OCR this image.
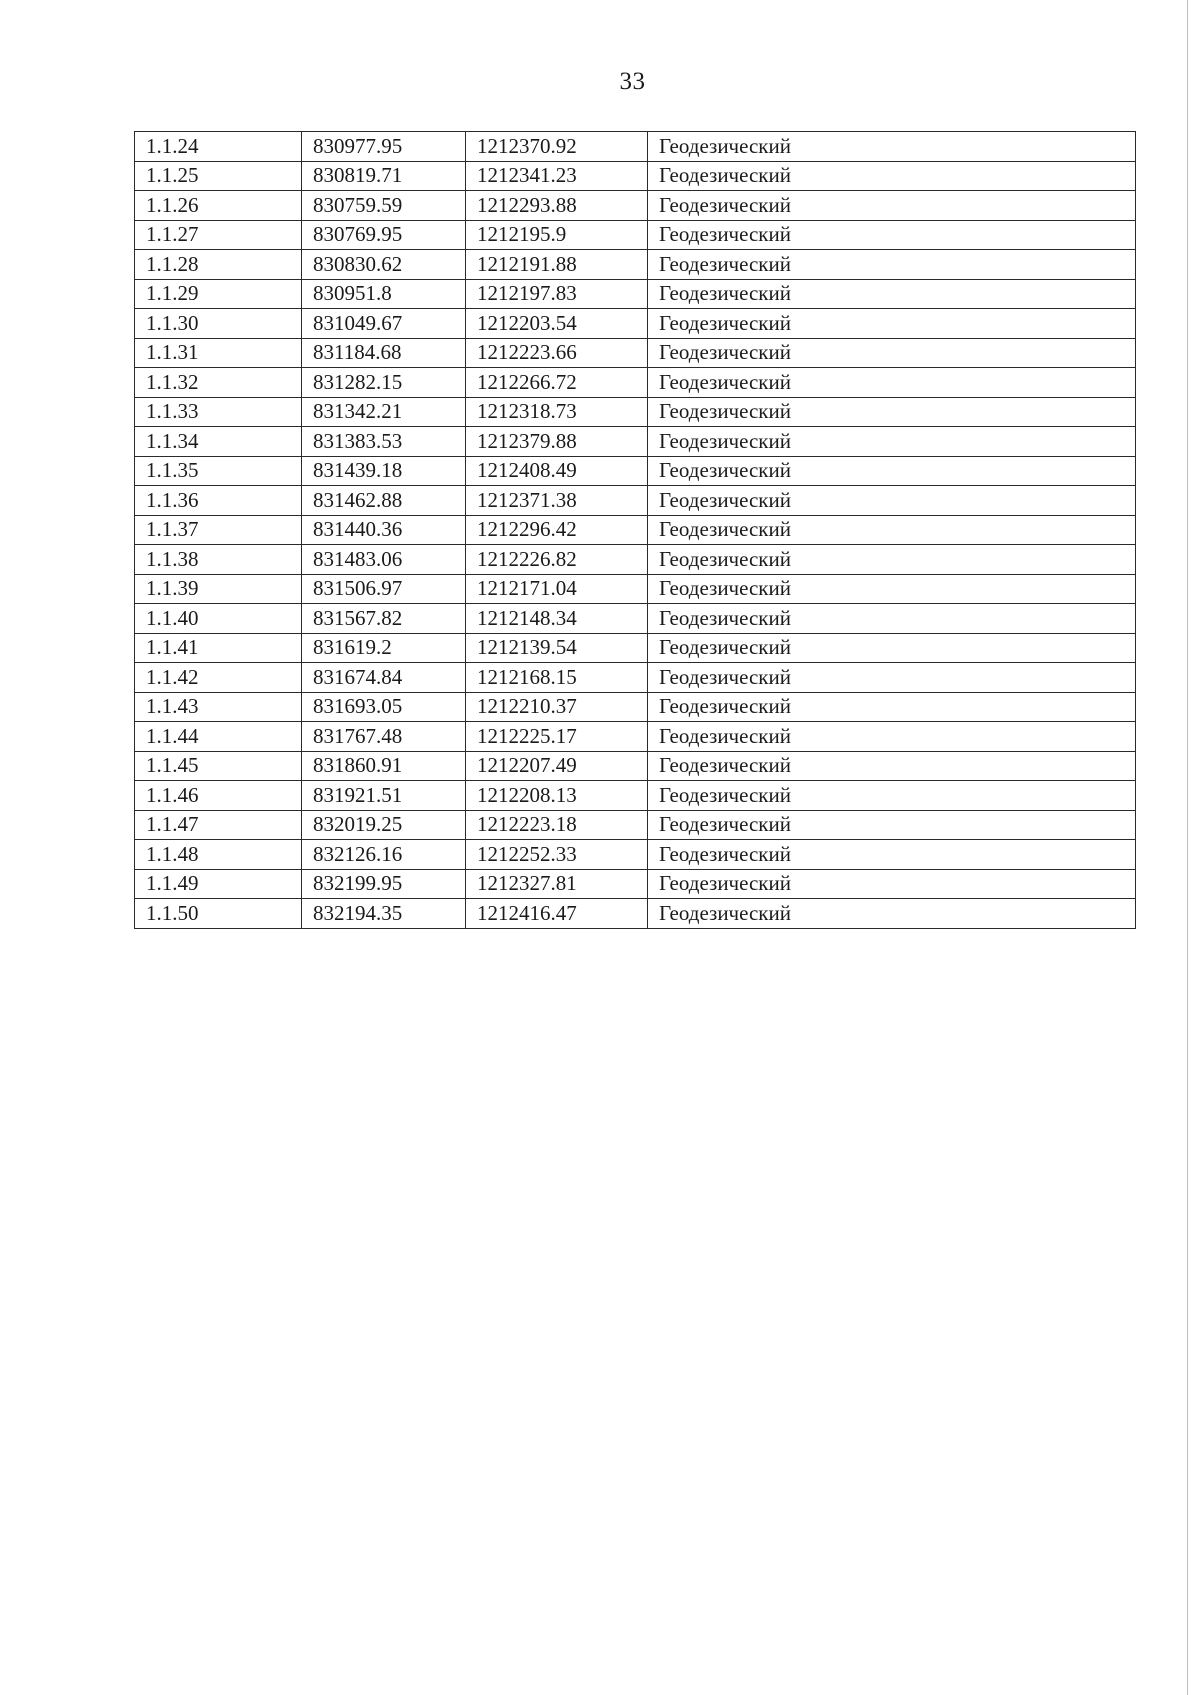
33
1.1.24	830977.95	1212370.92	Геодезический
1.1.25	830819.71	1212341.23	Геодезический
1.1.26	830759.59	1212293.88	Геодезический
1.1.27	830769.95	1212195.9	Геодезический
1.1.28	830830.62	1212191.88	Геодезический
1.1.29	830951.8	1212197.83	Геодезический
1.1.30	831049.67	1212203.54	Геодезический
1.1.31	831184.68	1212223.66	Геодезический
1.1.32	831282.15	1212266.72	Геодезический
1.1.33	831342.21	1212318.73	Геодезический
1.1.34	831383.53	1212379.88	Геодезический
1.1.35	831439.18	1212408.49	Геодезический
1.1.36	831462.88	1212371.38	Геодезический
1.1.37	831440.36	1212296.42	Геодезический
1.1.38	831483.06	1212226.82	Геодезический
1.1.39	831506.97	1212171.04	Геодезический
1.1.40	831567.82	1212148.34	Геодезический
1.1.41	831619.2	1212139.54	Геодезический
1.1.42	831674.84	1212168.15	Геодезический
1.1.43	831693.05	1212210.37	Геодезический
1.1.44	831767.48	1212225.17	Геодезический
1.1.45	831860.91	1212207.49	Геодезический
1.1.46	831921.51	1212208.13	Геодезический
1.1.47	832019.25	1212223.18	Геодезический
1.1.48	832126.16	1212252.33	Геодезический
1.1.49	832199.95	1212327.81	Геодезический
1.1.50	832194.35	1212416.47	Геодезический
